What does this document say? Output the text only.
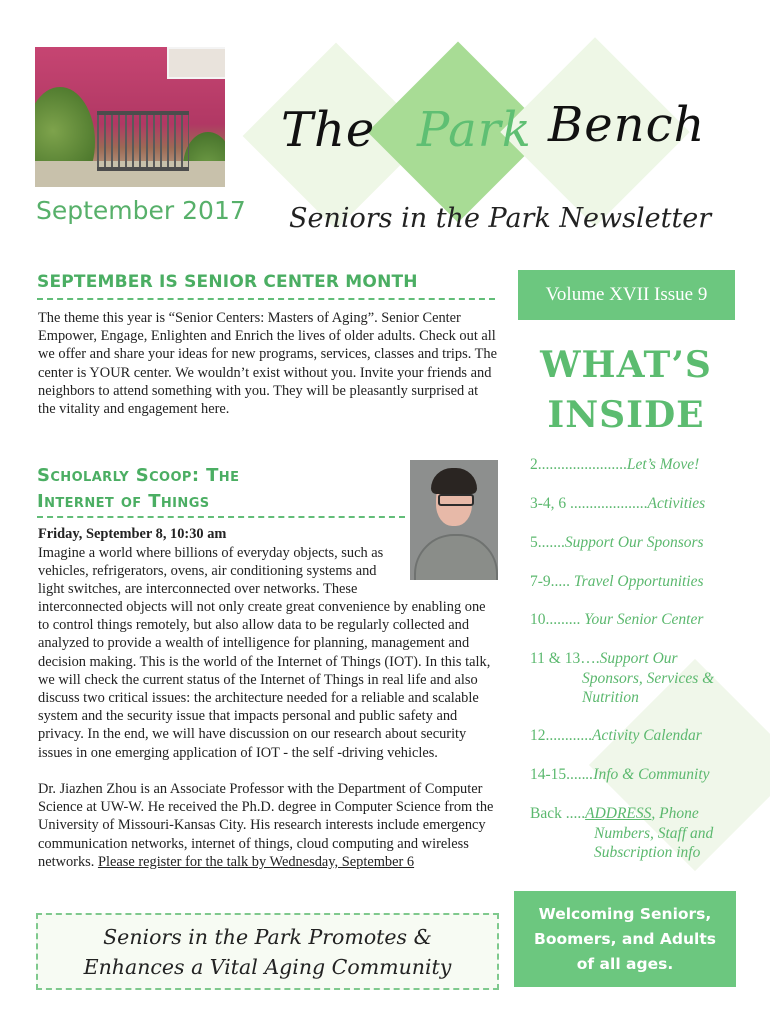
The Park Bench
September 2017 Seniors in the Park Newsletter
SEPTEMBER IS SENIOR CENTER MONTH
The theme this year is “Senior Centers: Masters of Aging”. Senior Center Empower, Engage, Enlighten and Enrich the lives of older adults. Check out all we offer and share your ideas for new programs, services, classes and trips. The center is YOUR center. We wouldn’t exist without you. Invite your friends and neighbors to attend something with you. They will be pleasantly surprised at the vitality and engagement here.
Scholarly Scoop: The
Internet of Things
Friday, September 8, 10:30 am
Imagine a world where billions of everyday objects, such as vehicles, refrigerators, ovens, air conditioning systems and light switches, are interconnected over networks. These
interconnected objects will not only create great convenience by enabling one to control things remotely, but also allow data to be regularly collected and analyzed to provide a wealth of intelligence for planning, management and decision making. This is the world of the Internet of Things (IOT). In this talk, we will check the current status of the Internet of Things in real life and also discuss two critical issues: the architecture needed for a reliable and scalable system and the security issue that impacts personal and public safety and privacy. In the end, we will have discussion on our research about security issues in one emerging application of IOT - the self -driving vehicles.
Dr. Jiazhen Zhou is an Associate Professor with the Department of Computer Science at UW-W. He received the Ph.D. degree in Computer Science from the University of Missouri-Kansas City. His research interests include emergency communication networks, internet of things, cloud computing and wireless networks. Please register for the talk by Wednesday, September 6
Seniors in the Park Promotes &
Enhances a Vital Aging Community
Volume XVII Issue 9
WHAT’S
INSIDE
2.......................Let’s Move!
3-4, 6 ....................Activities
5.......Support Our Sponsors
7-9..... Travel Opportunities
10......... Your Senior Center
11 & 13….Support Our
Sponsors, Services &
Nutrition
12............Activity Calendar
14-15.......Info & Community
Back .....ADDRESS, Phone
Numbers, Staff and
Subscription info
Welcoming Seniors,
Boomers, and Adults
of all ages.
